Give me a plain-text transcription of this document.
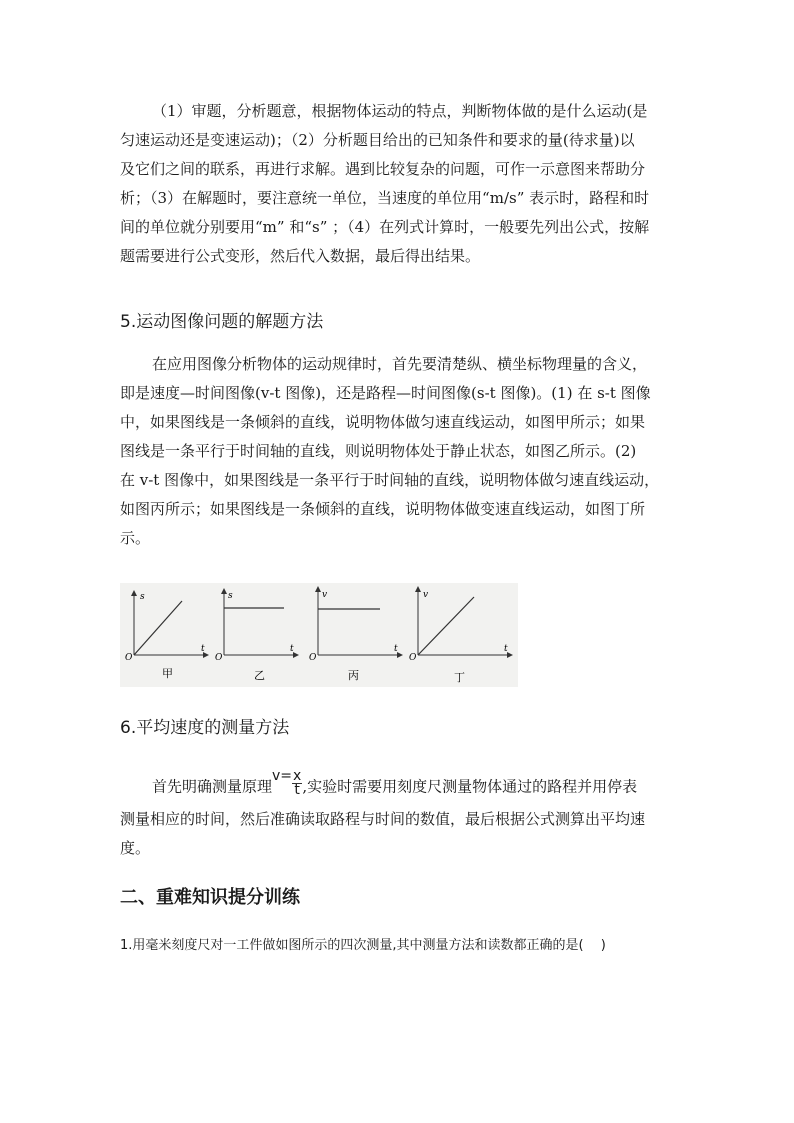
（1）审题，分析题意，根据物体运动的特点，判断物体做的是什么运动(是
匀速运动还是变速运动)；（2）分析题目给出的已知条件和要求的量(待求量)以
及它们之间的联系，再进行求解。遇到比较复杂的问题，可作一示意图来帮助分
析；（3）在解题时，要注意统一单位，当速度的单位用“m/s” 表示时，路程和时
间的单位就分别要用“m” 和“s” ；（4）在列式计算时，一般要先列出公式，按解
题需要进行公式变形，然后代入数据，最后得出结果。
5.运动图像问题的解题方法
在应用图像分析物体的运动规律时，首先要清楚纵、横坐标物理量的含义，
即是速度—时间图像(v-t 图像)，还是路程—时间图像(s-t 图像)。(1) 在 s-t 图像
中，如果图线是一条倾斜的直线，说明物体做匀速直线运动，如图甲所示；如果
图线是一条平行于时间轴的直线，则说明物体处于静止状态，如图乙所示。(2)
在 v-t 图像中，如果图线是一条平行于时间轴的直线，说明物体做匀速直线运动，
如图丙所示；如果图线是一条倾斜的直线，说明物体做变速直线运动，如图丁所
示。
s
t
O
甲
s
t
O
乙
v
t
O
丙
v
t
O
丁
6.平均速度的测量方法
首先明确测量原理$v= \frac{x}{t}$ ,实验时需要用刻度尺测量物体通过的路程并用停表
测量相应的时间，然后准确读取路程与时间的数值，最后根据公式测算出平均速
度。
二、重难知识提分训练
1.用毫米刻度尺对一工件做如图所示的四次测量,其中测量方法和读数都正确的是(　 )
